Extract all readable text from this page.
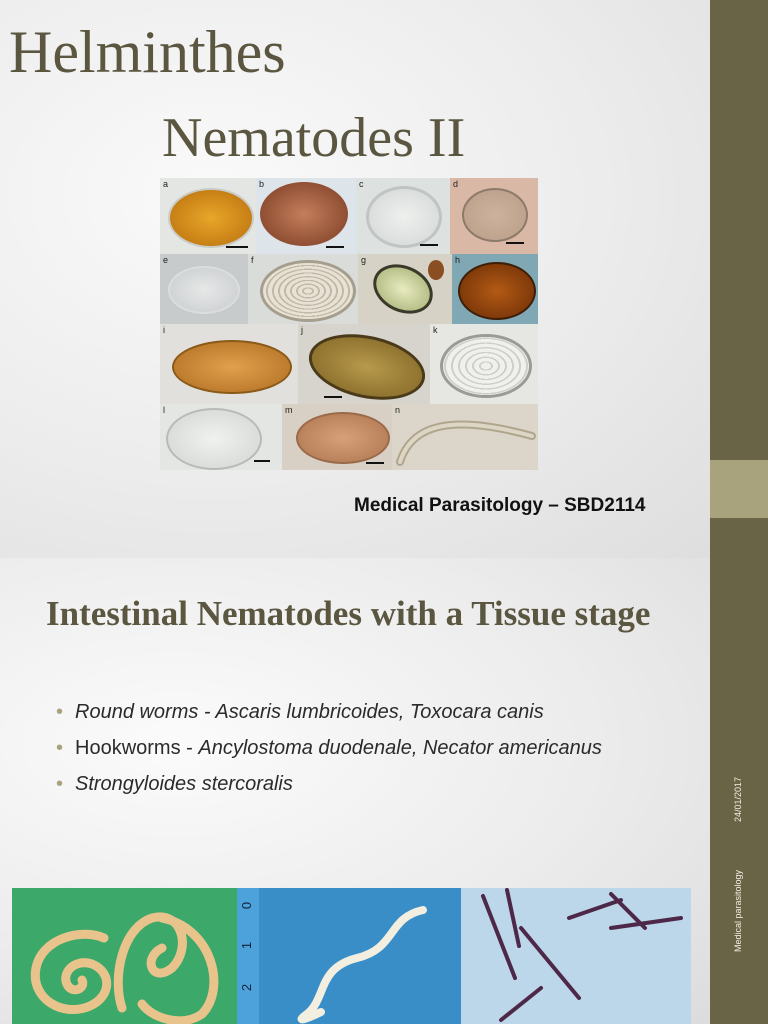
Helminthes
Nematodes II
a	b	c	d
e	f	g	h
i	j	k
l	m	n
Medical Parasitology – SBD2114
Intestinal Nematodes with a Tissue stage
• Round worms - Ascaris lumbricoides, Toxocara canis
• Hookworms - Ancylostoma duodenale, Necator americanus
• Strongyloides stercoralis
0
1
2
24/01/2017
Medical parasitology
